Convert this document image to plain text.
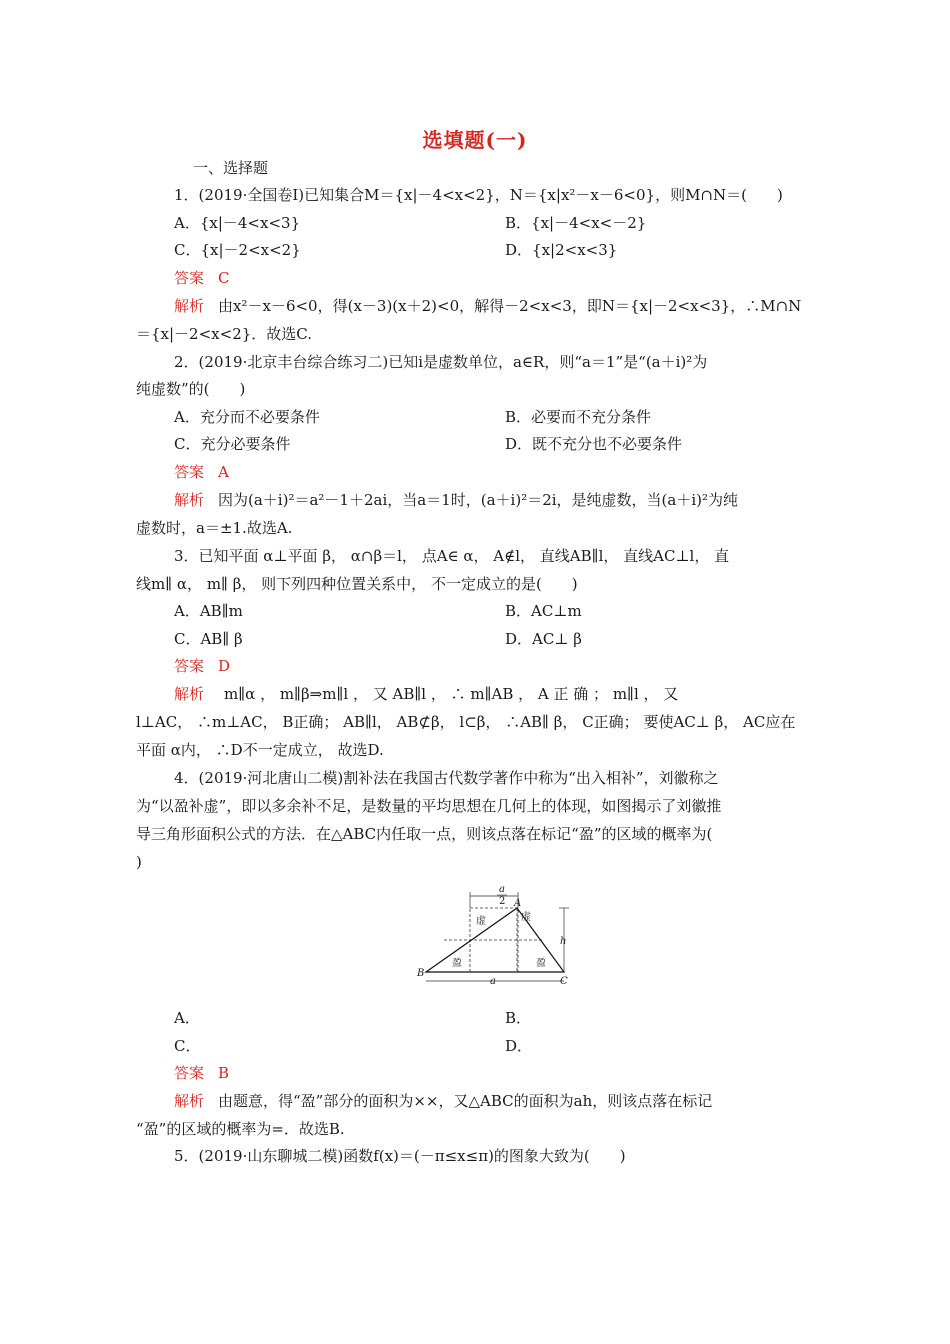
选填题(一)
一、选择题
1．(2019·全国卷Ⅰ)已知集合M＝{x|－4<x<2}，N＝{x|x²－x－6<0}，则M∩N＝(　　)
A．{x|－4<x<3}	B．{x|－4<x<－2}
C．{x|－2<x<2}	D．{x|2<x<3}
答案 C
解析 由x²－x－6<0，得(x－3)(x＋2)<0，解得－2<x<3，即N＝{x|－2<x<3}，∴M∩N
＝{x|－2<x<2}．故选C.
2．(2019·北京丰台综合练习二)已知i是虚数单位，a∈R，则“a＝1”是“(a＋i)²为
纯虚数”的(　　)
A．充分而不必要条件	B．必要而不充分条件
C．充分必要条件	D．既不充分也不必要条件
答案 A
解析 因为(a＋i)²＝a²－1＋2ai，当a＝1时，(a＋i)²＝2i，是纯虚数，当(a＋i)²为纯
虚数时，a＝±1.故选A.
3．已知平面 α⊥平面 β， α∩β＝l， 点A∈ α， A∉l， 直线AB∥l， 直线AC⊥l， 直
线m∥ α， m∥ β， 则下列四种位置关系中， 不一定成立的是(　　)
A．AB∥m	B．AC⊥m
C．AB∥ β	D．AC⊥ β
答案 D
解析 m∥α ， m∥β⇒m∥l ， 又 AB∥l ， ∴ m∥AB ， A 正 确 ； m∥l ， 又
l⊥AC， ∴m⊥AC， B正确； AB∥l， AB⊄β， l⊂β， ∴AB∥ β， C正确； 要使AC⊥ β， AC应在
平面 α内， ∴D不一定成立， 故选D.
4．(2019·河北唐山二模)割补法在我国古代数学著作中称为“出入相补”，刘徽称之
为“以盈补虚”，即以多余补不足，是数量的平均思想在几何上的体现，如图揭示了刘徽推
导三角形面积公式的方法．在△ABC内任取一点，则该点落在标记“盈”的区域的概率为(
)
a
2
h
a
A
B
C
虚	虚
盈	盈
A．	B．
C．	D．
答案 B
解析 由题意，得“盈”部分的面积为××，又△ABC的面积为ah，则该点落在标记
“盈”的区域的概率为=．故选B.
5．(2019·山东聊城二模)函数f(x)＝(－π≤x≤π)的图象大致为(　　)
